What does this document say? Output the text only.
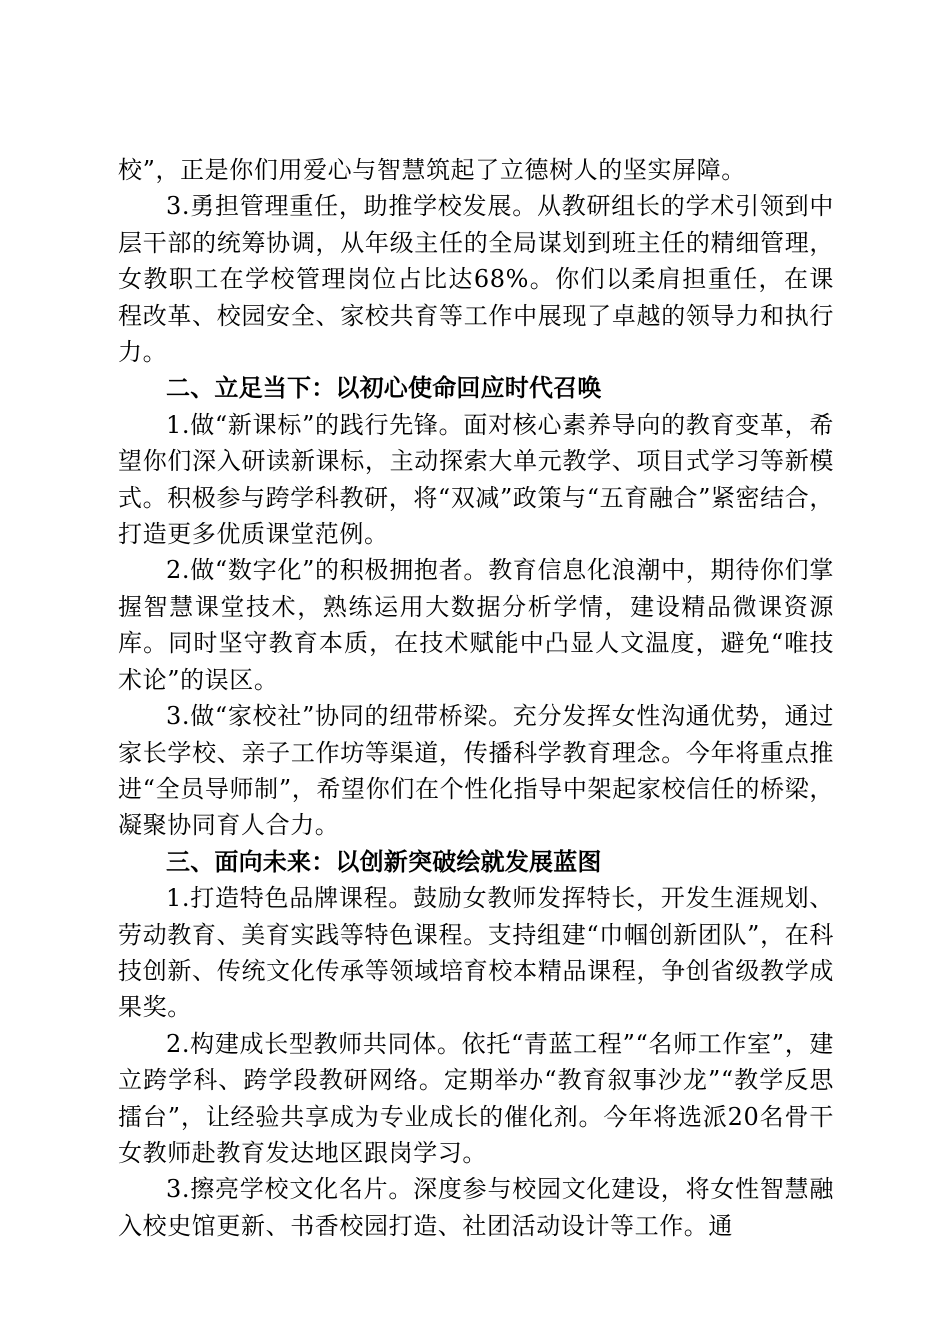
校”，正是你们用爱心与智慧筑起了立德树人的坚实屏障。

3.勇担管理重任，助推学校发展。从教研组长的学术引领到中层干部的统筹协调，从年级主任的全局谋划到班主任的精细管理，女教职工在学校管理岗位占比达68%。你们以柔肩担重任，在课程改革、校园安全、家校共育等工作中展现了卓越的领导力和执行力。

二、立足当下：以初心使命回应时代召唤

1.做“新课标”的践行先锋。面对核心素养导向的教育变革，希望你们深入研读新课标，主动探索大单元教学、项目式学习等新模式。积极参与跨学科教研，将“双减”政策与“五育融合”紧密结合，打造更多优质课堂范例。

2.做“数字化”的积极拥抱者。教育信息化浪潮中，期待你们掌握智慧课堂技术，熟练运用大数据分析学情，建设精品微课资源库。同时坚守教育本质，在技术赋能中凸显人文温度，避免“唯技术论”的误区。

3.做“家校社”协同的纽带桥梁。充分发挥女性沟通优势，通过家长学校、亲子工作坊等渠道，传播科学教育理念。今年将重点推进“全员导师制”，希望你们在个性化指导中架起家校信任的桥梁，凝聚协同育人合力。

三、面向未来：以创新突破绘就发展蓝图

1.打造特色品牌课程。鼓励女教师发挥特长，开发生涯规划、劳动教育、美育实践等特色课程。支持组建“巾帼创新团队”，在科技创新、传统文化传承等领域培育校本精品课程，争创省级教学成果奖。

2.构建成长型教师共同体。依托“青蓝工程”“名师工作室”，建立跨学科、跨学段教研网络。定期举办“教育叙事沙龙”“教学反思擂台”，让经验共享成为专业成长的催化剂。今年将选派20名骨干女教师赴教育发达地区跟岗学习。

3.擦亮学校文化名片。深度参与校园文化建设，将女性智慧融入校史馆更新、书香校园打造、社团活动设计等工作。通
